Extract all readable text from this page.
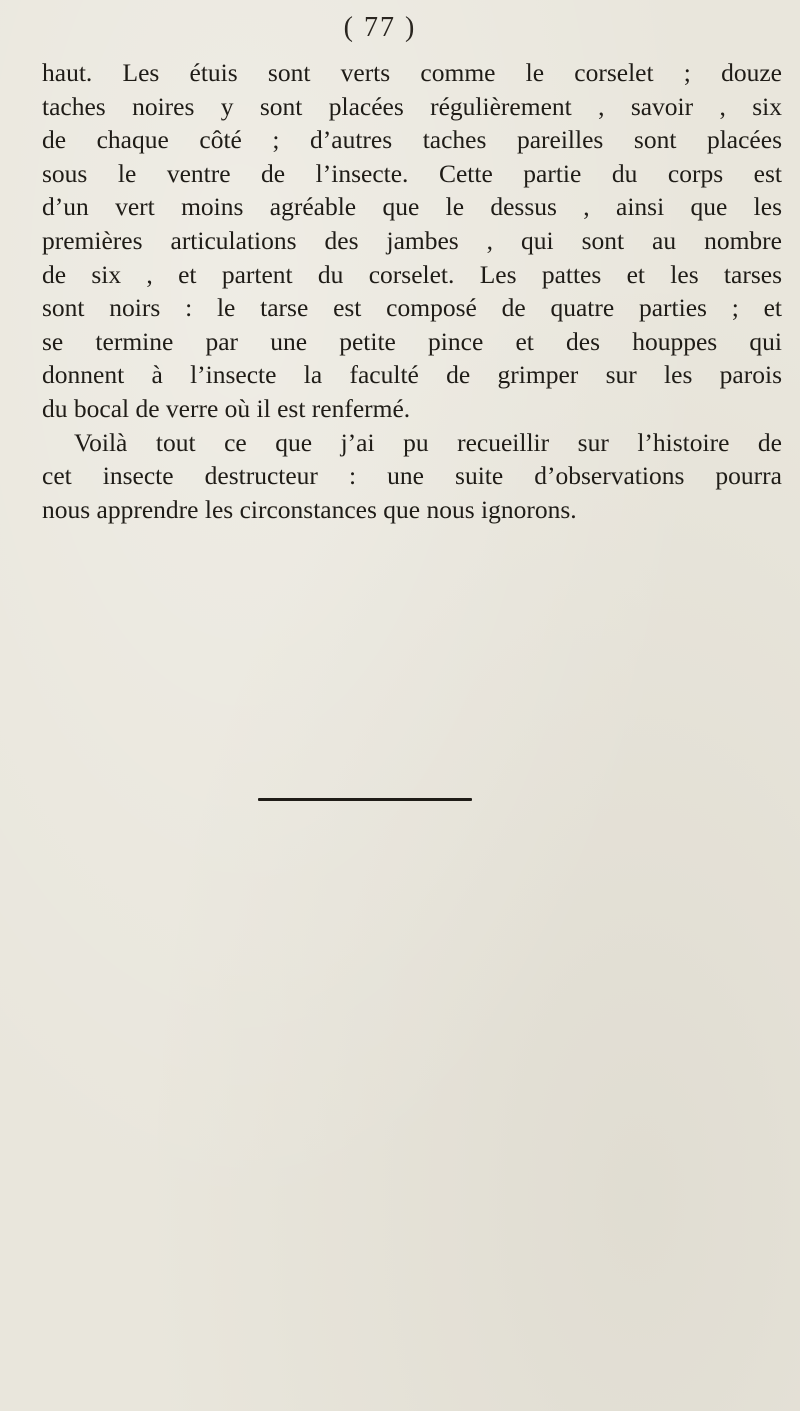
( 77 )
haut. Les étuis sont verts comme le corselet ; douze
taches noires y sont placées régulièrement , savoir , six
de chaque côté ; d’autres taches pareilles sont placées
sous le ventre de l’insecte. Cette partie du corps est
d’un vert moins agréable que le dessus , ainsi que les
premières articulations des jambes , qui sont au nombre
de six , et partent du corselet. Les pattes et les tarses
sont noirs : le tarse est composé de quatre parties ; et
se termine par une petite pince et des houppes qui
donnent à l’insecte la faculté de grimper sur les parois
du bocal de verre où il est renfermé.
Voilà tout ce que j’ai pu recueillir sur l’histoire de
cet insecte destructeur : une suite d’observations pourra
nous apprendre les circonstances que nous ignorons.
